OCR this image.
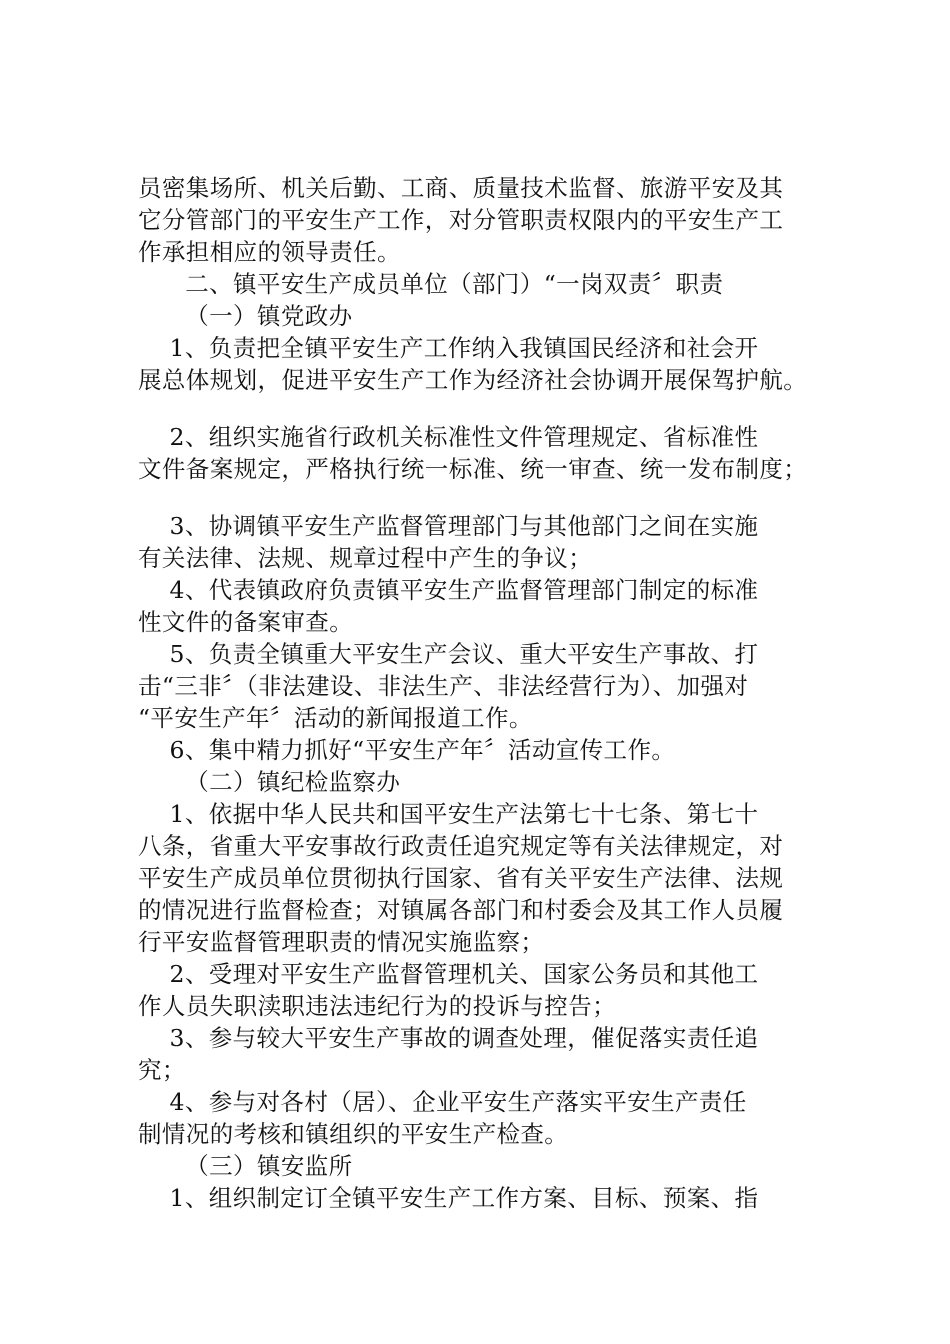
员密集场所、机关后勤、工商、质量技术监督、旅游平安及其
它分管部门的平安生产工作，对分管职责权限内的平安生产工
作承担相应的领导责任。

二、镇平安生产成员单位（部门）“一岗双责〞职责

（一）镇党政办

1、负责把全镇平安生产工作纳入我镇国民经济和社会开
展总体规划，促进平安生产工作为经济社会协调开展保驾护航。

2、组织实施省行政机关标准性文件管理规定、省标准性
文件备案规定，严格执行统一标准、统一审查、统一发布制度；

3、协调镇平安生产监督管理部门与其他部门之间在实施
有关法律、法规、规章过程中产生的争议；

4、代表镇政府负责镇平安生产监督管理部门制定的标准
性文件的备案审查。

5、负责全镇重大平安生产会议、重大平安生产事故、打
击“三非〞（非法建设、非法生产、非法经营行为）、加强对
“平安生产年〞活动的新闻报道工作。

6、集中精力抓好“平安生产年〞活动宣传工作。

（二）镇纪检监察办

1、依据中华人民共和国平安生产法第七十七条、第七十
八条，省重大平安事故行政责任追究规定等有关法律规定，对
平安生产成员单位贯彻执行国家、省有关平安生产法律、法规
的情况进行监督检查；对镇属各部门和村委会及其工作人员履
行平安监督管理职责的情况实施监察；

2、受理对平安生产监督管理机关、国家公务员和其他工
作人员失职渎职违法违纪行为的投诉与控告；

3、参与较大平安生产事故的调查处理，催促落实责任追
究；

4、参与对各村（居）、企业平安生产落实平安生产责任
制情况的考核和镇组织的平安生产检查。

（三）镇安监所

1、组织制定订全镇平安生产工作方案、目标、预案、指
